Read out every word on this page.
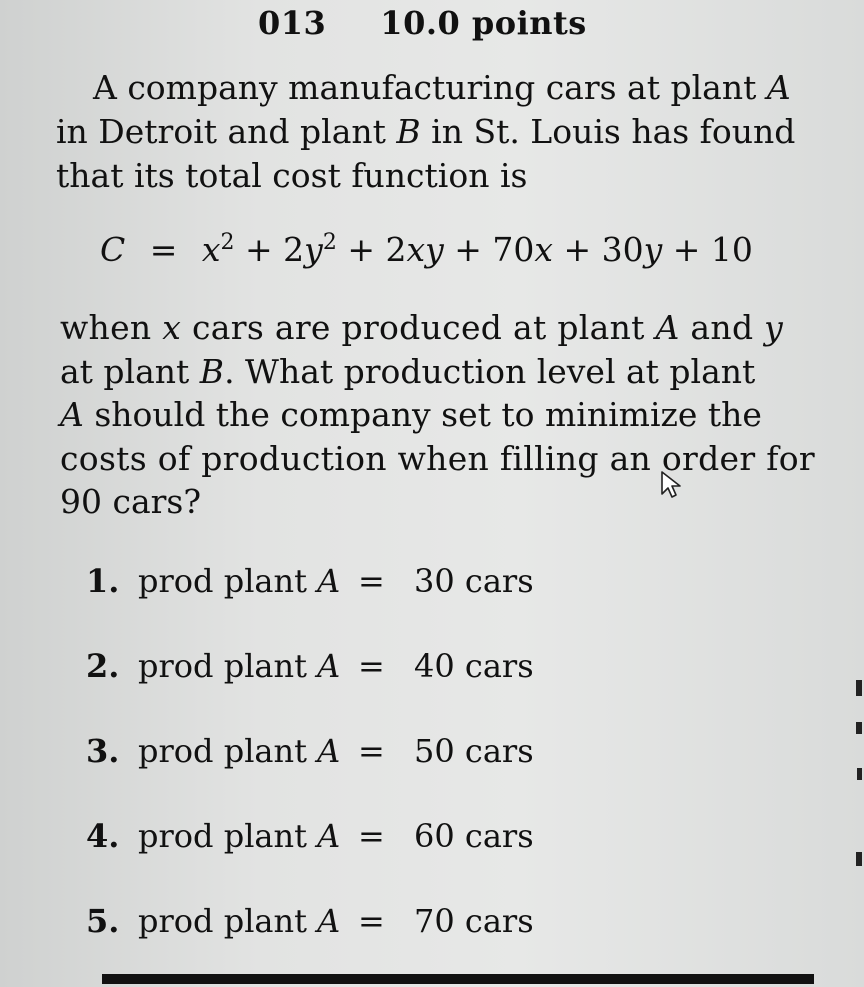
013 10.0 points
A company manufacturing cars at plant A
in Detroit and plant B in St. Louis has found
that its total cost function is
$C = x^2 + 2y^2 + 2xy + 70x + 30y + 10$
when x cars are produced at plant A and y
at plant B. What production level at plant
A should the company set to minimize the
costs of production when filling an order for
90 cars?
1. prod plant A = 30 cars
2. prod plant A = 40 cars
3. prod plant A = 50 cars
4. prod plant A = 60 cars
5. prod plant A = 70 cars
